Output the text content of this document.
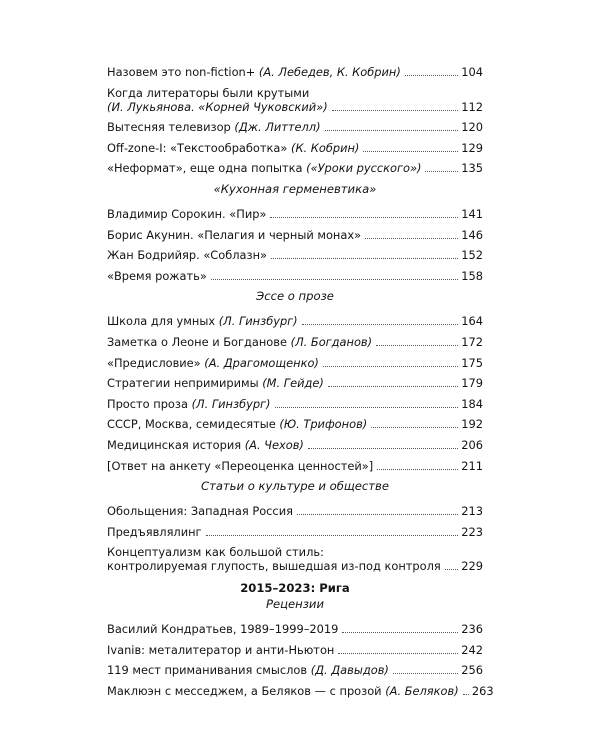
Назовем это non-fiction+ (А. Лебедев, К. Кобрин)	104
Когда литераторы были крутыми
(И. Лукьянова. «Корней Чуковский»)	112
Вытесняя телевизор (Дж. Литтелл)	120
Off-zone-I: «Текстообработка» (К. Кобрин)	129
«Неформат», еще одна попытка («Уроки русского»)	135
«Кухонная герменевтика»
Владимир Сорокин. «Пир»	141
Борис Акунин. «Пелагия и черный монах»	146
Жан Бодрийяр. «Соблазн»	152
«Время рожать»	158
Эссе о прозе
Школа для умных (Л. Гинзбург)	164
Заметка о Леоне и Богданове (Л. Богданов)	172
«Предисловие» (А. Драгомощенко)	175
Стратегии непримиримы (М. Гейде)	179
Просто проза (Л. Гинзбург)	184
СССР, Москва, семидесятые (Ю. Трифонов)	192
Медицинская история (А. Чехов)	206
[Ответ на анкету «Переоценка ценностей»]	211
Статьи о культуре и обществе
Обольщения: Западная Россия	213
Предъявлялинг	223
Концептуализм как большой стиль:
контролируемая глупость, вышедшая из-под контроля 229
2015–2023: Рига
Рецензии
Василий Кондратьев, 1989–1999–2019	236
Ivanів: металитератор и анти-Ньютон	242
119 мест приманивания смыслов (Д. Давыдов)	256
Маклюэн с месседжем, а Беляков — с прозой (А. Беляков) 263
